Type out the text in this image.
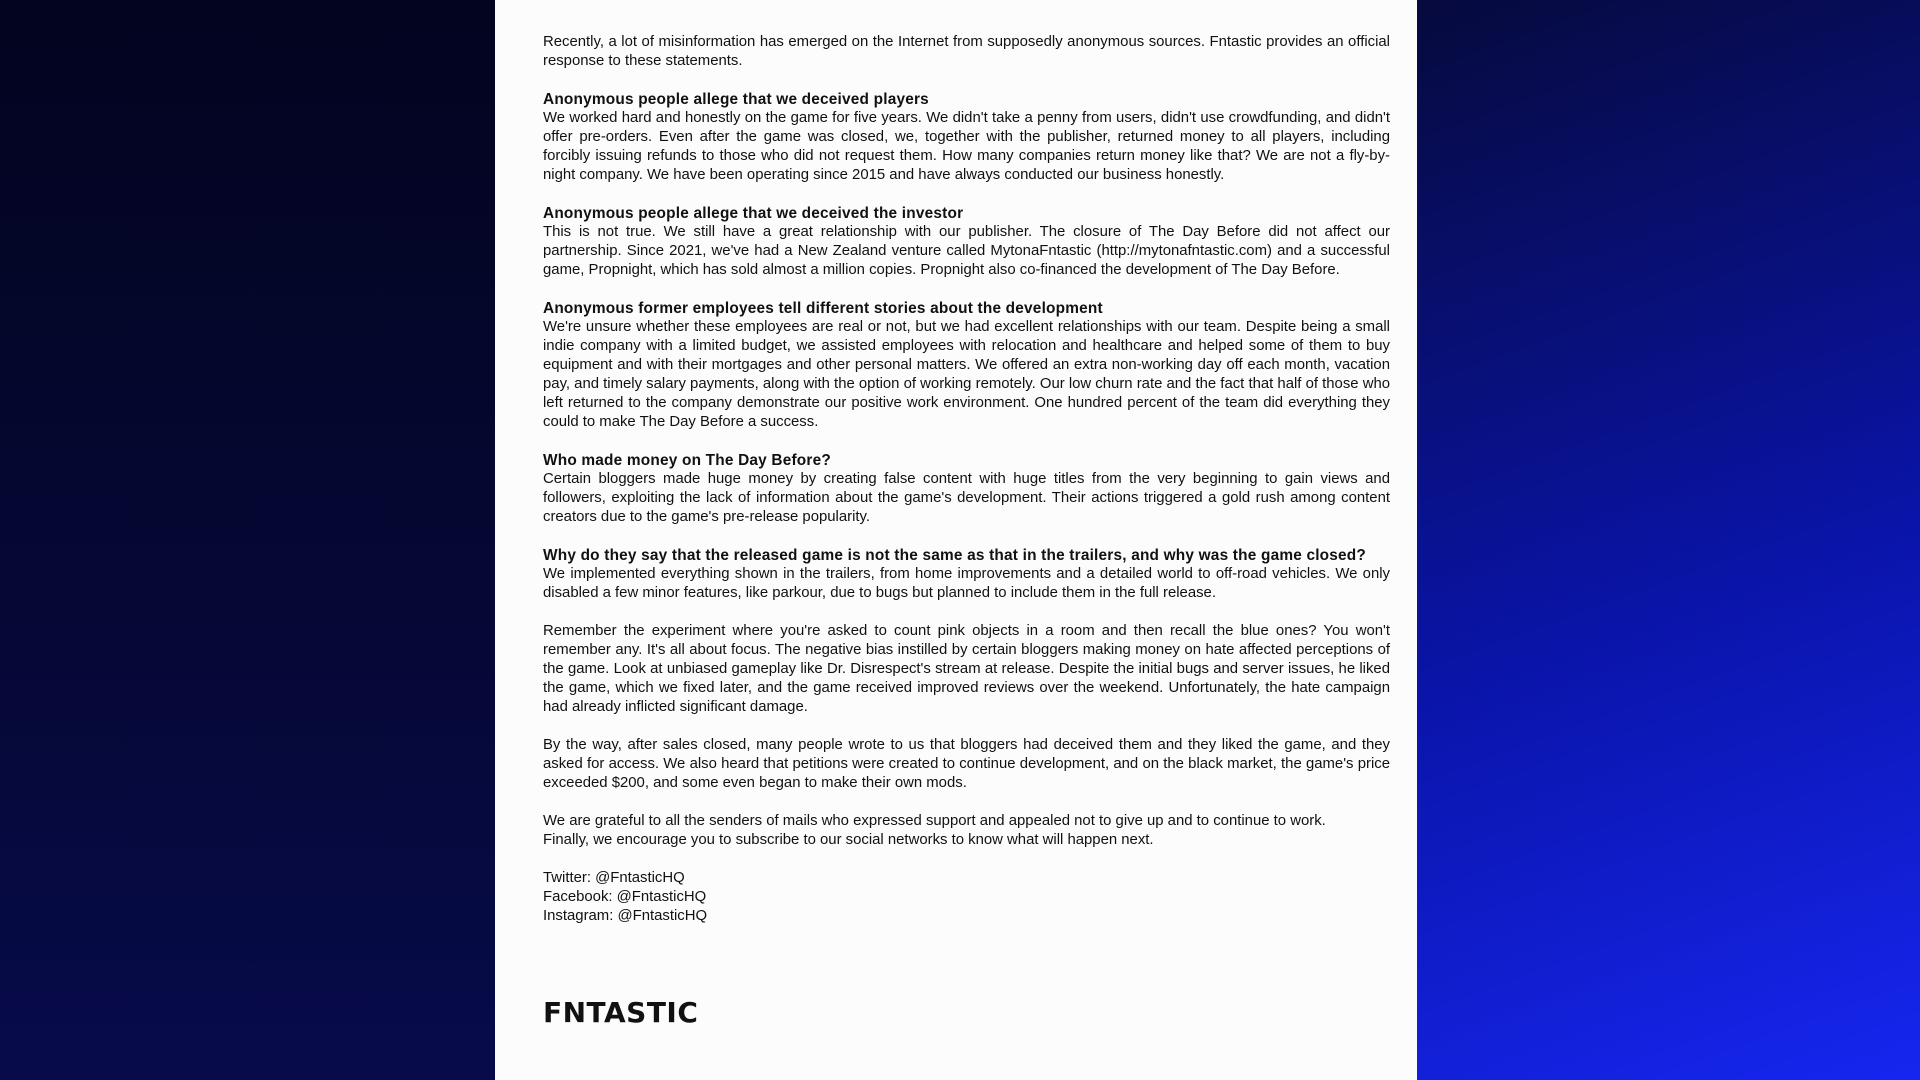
Recently, a lot of misinformation has emerged on the Internet from supposedly anonymous sources. Fntastic provides an official response to these statements.

Anonymous people allege that we deceived players

We worked hard and honestly on the game for five years. We didn't take a penny from users, didn't use crowdfunding, and didn't offer pre-orders. Even after the game was closed, we, together with the publisher, returned money to all players, including forcibly issuing refunds to those who did not request them. How many companies return money like that? We are not a fly-by-night company. We have been operating since 2015 and have always conducted our business honestly.

Anonymous people allege that we deceived the investor

This is not true. We still have a great relationship with our publisher. The closure of The Day Before did not affect our partnership. Since 2021, we've had a New Zealand venture called MytonaFntastic (http://mytonafntastic.com) and a successful game, Propnight, which has sold almost a million copies. Propnight also co-financed the development of The Day Before.

Anonymous former employees tell different stories about the development

We're unsure whether these employees are real or not, but we had excellent relationships with our team. Despite being a small indie company with a limited budget, we assisted employees with relocation and healthcare and helped some of them to buy equipment and with their mortgages and other personal matters. We offered an extra non-working day off each month, vacation pay, and timely salary payments, along with the option of working remotely. Our low churn rate and the fact that half of those who left returned to the company demonstrate our positive work environment. One hundred percent of the team did everything they could to make The Day Before a success.

Who made money on The Day Before?

Certain bloggers made huge money by creating false content with huge titles from the very beginning to gain views and followers, exploiting the lack of information about the game's development. Their actions triggered a gold rush among content creators due to the game's pre-release popularity.

Why do they say that the released game is not the same as that in the trailers, and why was the game closed?

We implemented everything shown in the trailers, from home improvements and a detailed world to off-road vehicles. We only disabled a few minor features, like parkour, due to bugs but planned to include them in the full release.

Remember the experiment where you're asked to count pink objects in a room and then recall the blue ones? You won't remember any. It's all about focus. The negative bias instilled by certain bloggers making money on hate affected perceptions of the game. Look at unbiased gameplay like Dr. Disrespect's stream at release. Despite the initial bugs and server issues, he liked the game, which we fixed later, and the game received improved reviews over the weekend. Unfortunately, the hate campaign had already inflicted significant damage.

By the way, after sales closed, many people wrote to us that bloggers had deceived them and they liked the game, and they asked for access. We also heard that petitions were created to continue development, and on the black market, the game's price exceeded $200, and some even began to make their own mods.

We are grateful to all the senders of mails who expressed support and appealed not to give up and to continue to work.
Finally, we encourage you to subscribe to our social networks to know what will happen next.

Twitter: @FntasticHQ

Facebook: @FntasticHQ

Instagram: @FntasticHQ

FNTASTIC
